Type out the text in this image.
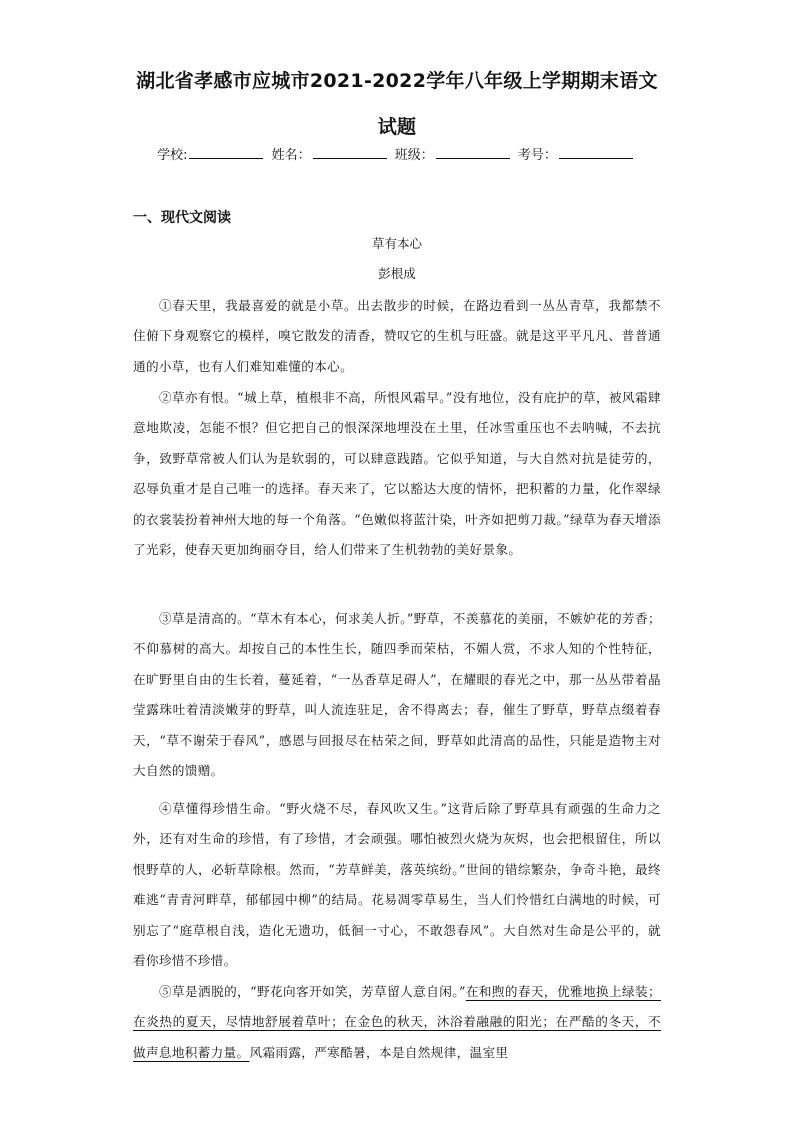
湖北省孝感市应城市2021-2022学年八年级上学期期末语文
试题
学校:	姓名：	班级：	考号：
一、现代文阅读
草有本心
彭根成

①春天里，我最喜爱的就是小草。出去散步的时候，在路边看到一丛丛青草，我都禁不住俯下身观察它的模样，嗅它散发的清香，赞叹它的生机与旺盛。就是这平平凡凡、普普通通的小草，也有人们难知难懂的本心。

②草亦有恨。“城上草，植根非不高，所恨风霜早。”没有地位，没有庇护的草，被风霜肆意地欺凌，怎能不恨？但它把自己的恨深深地埋没在土里，任冰雪重压也不去呐喊，不去抗争，致野草常被人们认为是软弱的，可以肆意践踏。它似乎知道，与大自然对抗是徒劳的，忍辱负重才是自己唯一的选择。春天来了，它以豁达大度的情怀，把积蓄的力量，化作翠绿的衣裳装扮着神州大地的每一个角落。“色嫩似将蓝汁染，叶齐如把剪刀裁。”绿草为春天增添了光彩，使春天更加绚丽夺目，给人们带来了生机勃勃的美好景象。

③草是清高的。“草木有本心，何求美人折。”野草，不羡慕花的美丽，不嫉妒花的芳香；不仰慕树的高大。却按自己的本性生长，随四季而荣枯，不媚人赏，不求人知的个性特征，在旷野里自由的生长着，蔓延着，“一丛香草足碍人”，在耀眼的春光之中，那一丛丛带着晶莹露珠吐着清淡嫩芽的野草，叫人流连驻足，舍不得离去；春，催生了野草，野草点缀着春天，“草不谢荣于春风”，感恩与回报尽在枯荣之间，野草如此清高的品性，只能是造物主对大自然的馈赠。

④草懂得珍惜生命。“野火烧不尽，春风吹又生。”这背后除了野草具有顽强的生命力之外，还有对生命的珍惜，有了珍惜，才会顽强。哪怕被烈火烧为灰烬，也会把根留住，所以恨野草的人，必斩草除根。然而，“芳草鲜美，落英缤纷。”世间的错综繁杂，争奇斗艳，最终难逃“青青河畔草，郁郁园中柳”的结局。花易凋零草易生，当人们怜惜红白满地的时候，可别忘了“庭草根自浅，造化无遗功，低徊一寸心，不敢怨春风”。大自然对生命是公平的，就看你珍惜不珍惜。

⑤草是洒脱的，“野花向客开如笑，芳草留人意自闲。”在和煦的春天，优雅地换上绿装；在炎热的夏天，尽情地舒展着草叶；在金色的秋天，沐浴着融融的阳光；在严酷的冬天，不做声息地积蓄力量。风霜雨露，严寒酷暑，本是自然规律，温室里
